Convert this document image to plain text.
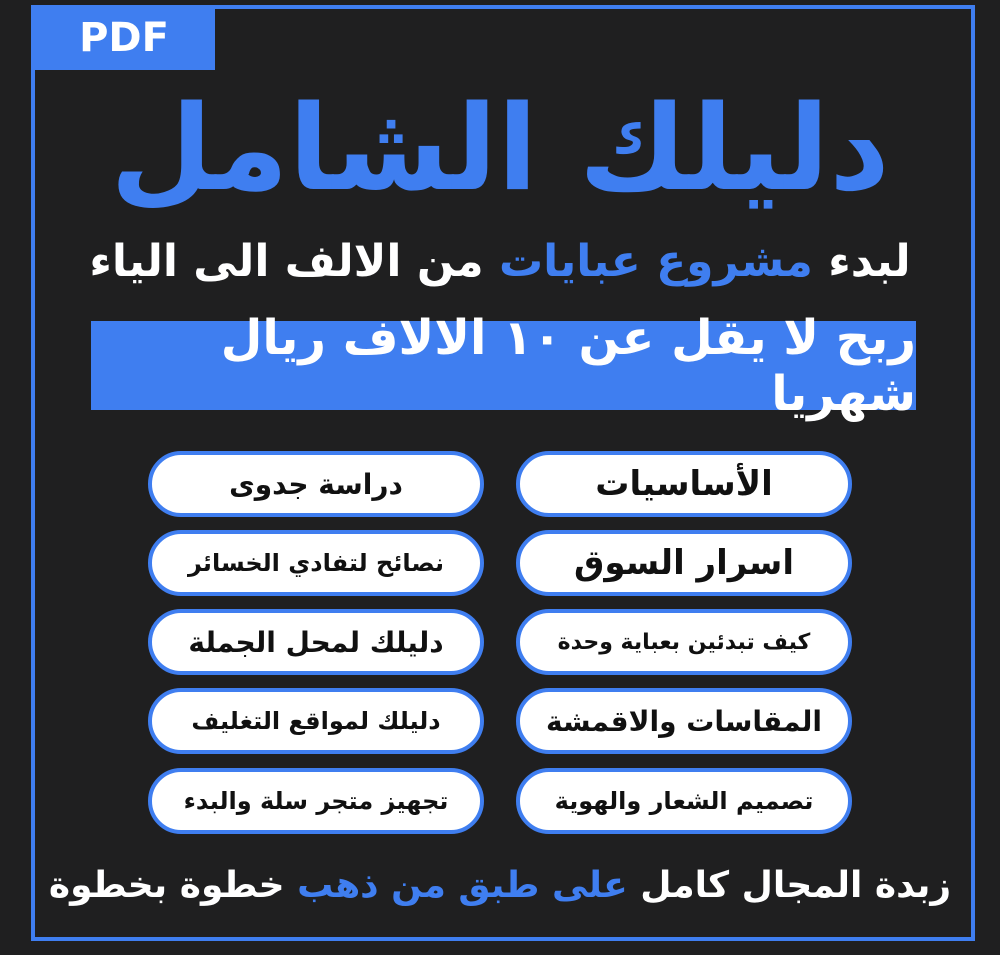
PDF
دليلك الشامل
لبدء مشروع عبايات من الالف الى الياء
ربح لا يقل عن ١٠ الالاف ريال شهريا
الأساسيات
اسرار السوق
كيف تبدئين بعباية وحدة
المقاسات والاقمشة
تصميم الشعار والهوية
دراسة جدوى
نصائح لتفادي الخسائر
دليلك لمحل الجملة
دليلك لمواقع التغليف
تجهيز متجر سلة والبدء
زبدة المجال كامل على طبق من ذهب خطوة بخطوة
